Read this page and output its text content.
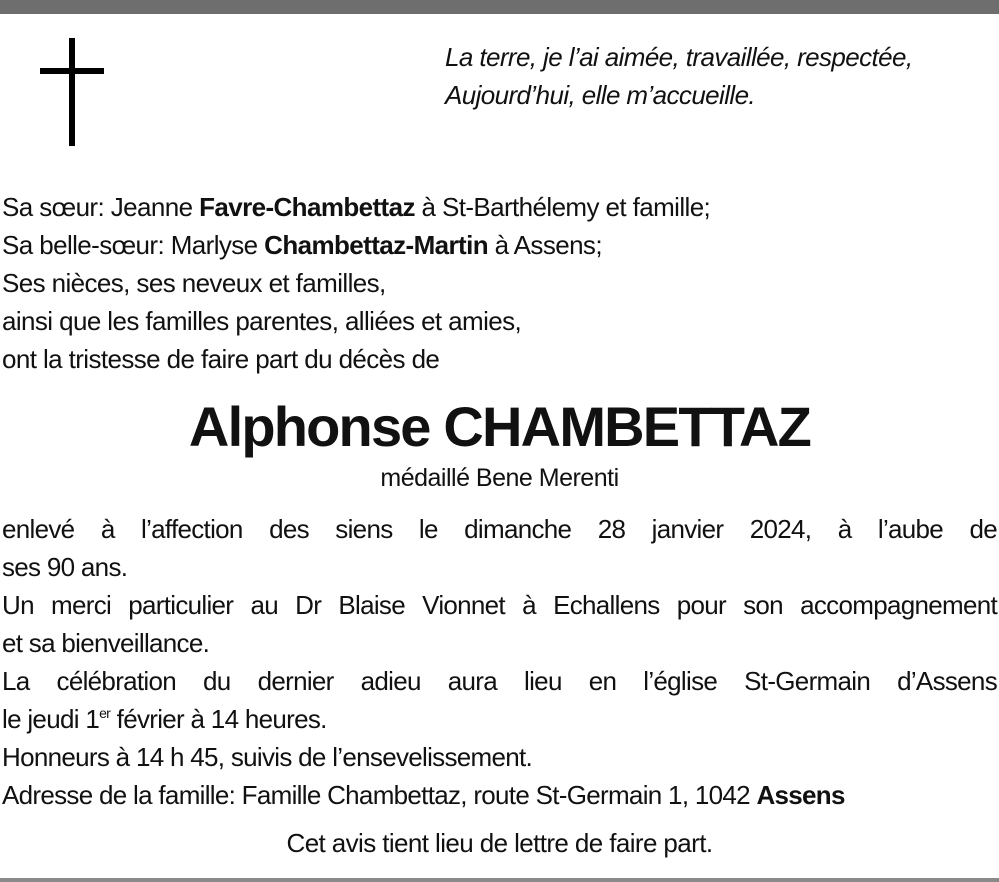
La terre, je l’ai aimée, travaillée, respectée,
Aujourd’hui, elle m’accueille.
Sa sœur: Jeanne Favre-Chambettaz à St-Barthélemy et famille;
Sa belle-sœur: Marlyse Chambettaz-Martin à Assens;
Ses nièces, ses neveux et familles,
ainsi que les familles parentes, alliées et amies,
ont la tristesse de faire part du décès de
Alphonse CHAMBETTAZ
médaillé Bene Merenti
enlevé à l’affection des siens le dimanche 28 janvier 2024, à l’aube de
ses 90 ans.
Un merci particulier au Dr Blaise Vionnet à Echallens pour son accompagnement
et sa bienveillance.
La célébration du dernier adieu aura lieu en l’église St-Germain d’Assens
le jeudi 1er février à 14 heures.
Honneurs à 14 h 45, suivis de l’ensevelissement.
Adresse de la famille: Famille Chambettaz, route St-Germain 1, 1042 Assens
Cet avis tient lieu de lettre de faire part.
